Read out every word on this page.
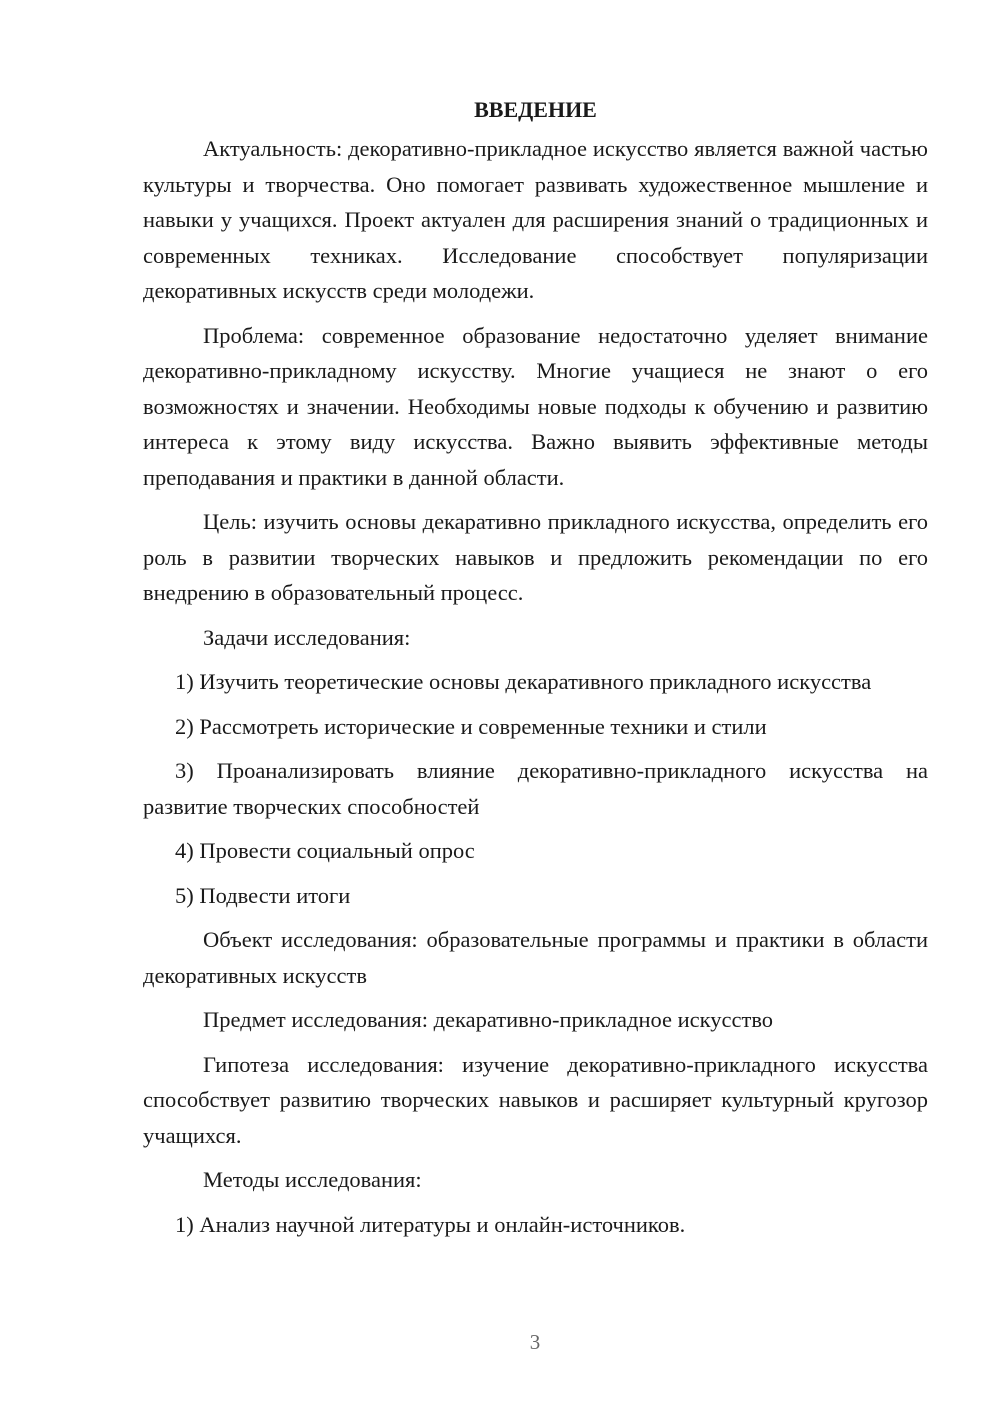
ВВЕДЕНИЕ

Актуальность: декоративно-прикладное искусство является важной частью культуры и творчества. Оно помогает развивать художественное мышление и навыки у учащихся. Проект актуален для расширения знаний о традиционных и современных техниках. Исследование способствует популяризации декоративных искусств среди молодежи.

Проблема: современное образование недостаточно уделяет внимание декоративно-прикладному искусству. Многие учащиеся не знают о его возможностях и значении. Необходимы новые подходы к обучению и развитию интереса к этому виду искусства. Важно выявить эффективные методы преподавания и практики в данной области.

Цель: изучить основы декаративно прикладного искусства, определить его роль в развитии творческих навыков и предложить рекомендации по его внедрению в образовательный процесс.

Задачи исследования:

1) Изучить теоретические основы декаративного прикладного искусства

2) Рассмотреть исторические и современные техники и стили

3) Проанализировать влияние декоративно-прикладного искусства на развитие творческих способностей

4) Провести социальный опрос

5) Подвести итоги

Объект исследования: образовательные программы и практики в области декоративных искусств

Предмет исследования: декаративно-прикладное искусство

Гипотеза исследования: изучение декоративно-прикладного искусства способствует развитию творческих навыков и расширяет культурный кругозор учащихся.

Методы исследования:

1) Анализ научной литературы и онлайн-источников.

3
